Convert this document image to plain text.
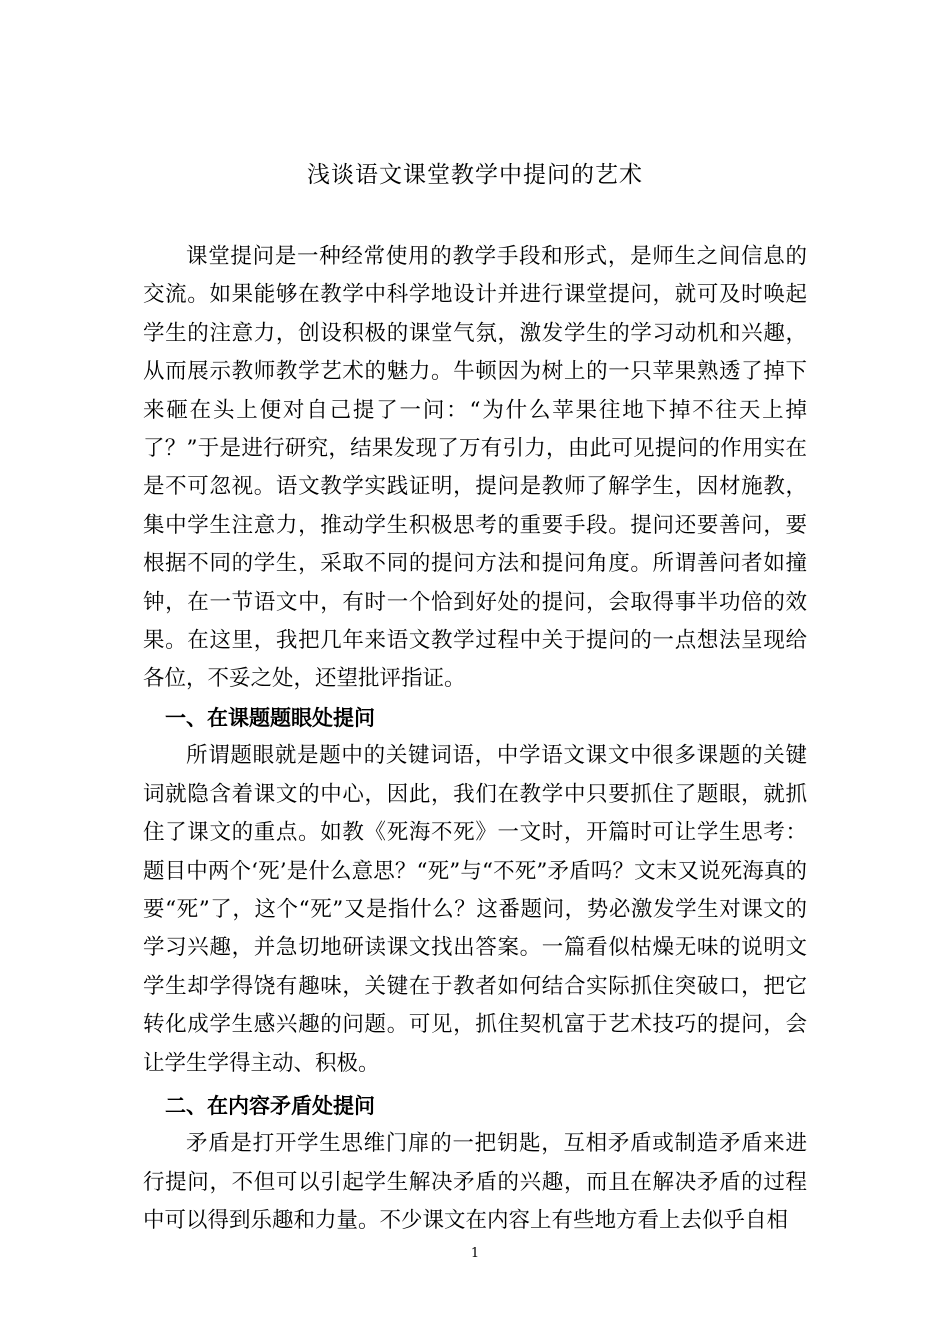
浅谈语文课堂教学中提问的艺术

课堂提问是一种经常使用的教学手段和形式，是师生之间信息的交流。如果能够在教学中科学地设计并进行课堂提问，就可及时唤起学生的注意力，创设积极的课堂气氛，激发学生的学习动机和兴趣，从而展示教师教学艺术的魅力。牛顿因为树上的一只苹果熟透了掉下来砸在头上便对自己提了一问：“为什么苹果往地下掉不往天上掉了？”于是进行研究，结果发现了万有引力，由此可见提问的作用实在是不可忽视。语文教学实践证明，提问是教师了解学生，因材施教，集中学生注意力，推动学生积极思考的重要手段。提问还要善问，要根据不同的学生，采取不同的提问方法和提问角度。所谓善问者如撞钟，在一节语文中，有时一个恰到好处的提问，会取得事半功倍的效果。在这里，我把几年来语文教学过程中关于提问的一点想法呈现给各位，不妥之处，还望批评指证。

一、在课题题眼处提问

所谓题眼就是题中的关键词语，中学语文课文中很多课题的关键词就隐含着课文的中心，因此，我们在教学中只要抓住了题眼，就抓住了课文的重点。如教《死海不死》一文时，开篇时可让学生思考：题目中两个‘死’是什么意思？“死”与“不死”矛盾吗？文末又说死海真的要“死”了，这个“死”又是指什么？这番题问，势必激发学生对课文的学习兴趣，并急切地研读课文找出答案。一篇看似枯燥无味的说明文学生却学得饶有趣味，关键在于教者如何结合实际抓住突破口，把它转化成学生感兴趣的问题。可见，抓住契机富于艺术技巧的提问，会让学生学得主动、积极。

二、在内容矛盾处提问

矛盾是打开学生思维门扉的一把钥匙，互相矛盾或制造矛盾来进行提问，不但可以引起学生解决矛盾的兴趣，而且在解决矛盾的过程中可以得到乐趣和力量。不少课文在内容上有些地方看上去似乎自相

1
